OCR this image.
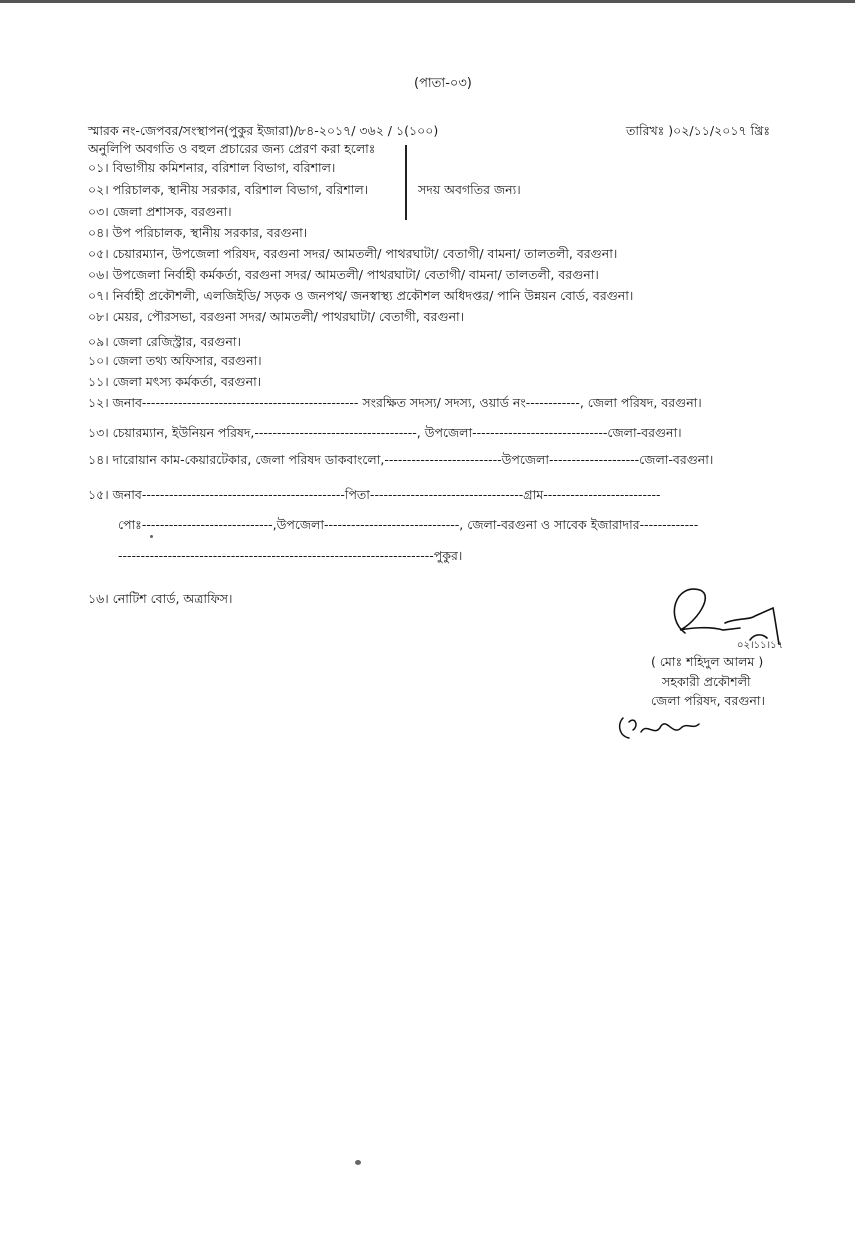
(পাতা-০৩)
স্মারক নং-জেপবর/সংস্থাপন(পুকুর ইজারা)/৮৪-২০১৭/ ৩৬২ / ১(১০০)	তারিখঃ )০২/১১/২০১৭ খ্রিঃ
অনুলিপি অবগতি ও বহুল প্রচারের জন্য প্রেরণ করা হলোঃ
০১। বিভাগীয় কমিশনার, বরিশাল বিভাগ, বরিশাল।
০২। পরিচালক, স্থানীয় সরকার, বরিশাল বিভাগ, বরিশাল।
০৩। জেলা প্রশাসক, বরগুনা।
সদয় অবগতির জন্য।
০৪। উপ পরিচালক, স্থানীয় সরকার, বরগুনা।
০৫। চেয়ারম্যান, উপজেলা পরিষদ, বরগুনা সদর/ আমতলী/ পাথরঘাটা/ বেতাগী/ বামনা/ তালতলী, বরগুনা।
০৬। উপজেলা নির্বাহী কর্মকর্তা, বরগুনা সদর/ আমতলী/ পাথরঘাটা/ বেতাগী/ বামনা/ তালতলী, বরগুনা।
০৭। নির্বাহী প্রকৌশলী, এলজিইডি/ সড়ক ও জনপথ/ জনস্বাস্থ্য প্রকৌশল অধিদপ্তর/ পানি উন্নয়ন বোর্ড, বরগুনা।
০৮। মেয়র, পৌরসভা, বরগুনা সদর/ আমতলী/ পাথরঘাটা/ বেতাগী, বরগুনা।
০৯। জেলা রেজিস্ট্রার, বরগুনা।
১০। জেলা তথ্য অফিসার, বরগুনা।
১১। জেলা মৎস্য কর্মকর্তা, বরগুনা।
১২। জনাব------------------------------------------------ সংরক্ষিত সদস্য/ সদস্য, ওয়ার্ড নং------------, জেলা পরিষদ, বরগুনা।
১৩। চেয়ারম্যান, ইউনিয়ন পরিষদ,------------------------------------, উপজেলা------------------------------জেলা-বরগুনা।
১৪। দারোয়ান কাম-কেয়ারটেকার, জেলা পরিষদ ডাকবাংলো,--------------------------উপজেলা--------------------জেলা-বরগুনা।
১৫। জনাব---------------------------------------------পিতা----------------------------------গ্রাম--------------------------
পোঃ-----------------------------,উপজেলা------------------------------, জেলা-বরগুনা ও সাবেক ইজারাদার-------------
----------------------------------------------------------------------পুকুর।
১৬। নোটিশ বোর্ড, অত্রাফিস।
০২।১১।১৭
( মোঃ শহিদুল আলম )
সহকারী প্রকৌশলী
জেলা পরিষদ, বরগুনা।
